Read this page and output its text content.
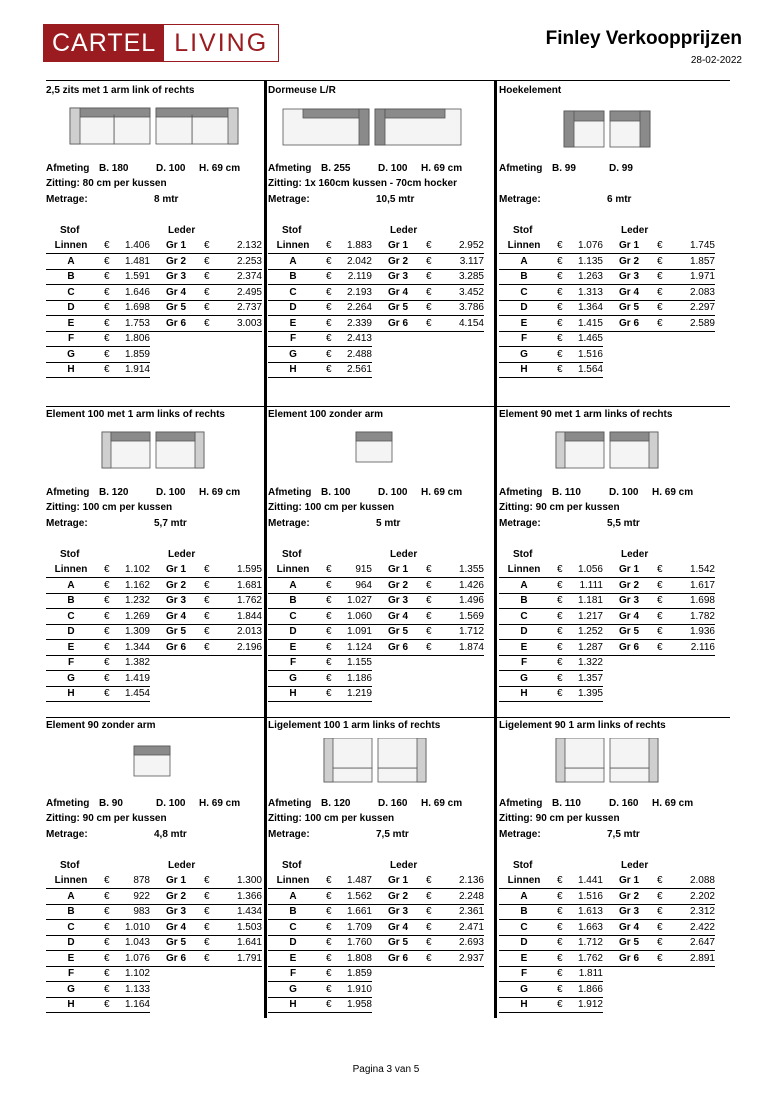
CARTEL LIVING	Finley Verkoopprijzen
28-02-2022
2,5 zits met 1 arm link of rechts
Afmeting B. 180	D. 100 H. 69 cm
Zitting: 80 cm per kussen
Metrage:	8 mtr
Stof	Leder
Linnen	€	1.406 Gr 1 €	2.132
A	€	1.481 Gr 2 €	2.253
B	€	1.591 Gr 3 €	2.374
C	€	1.646 Gr 4 €	2.495
D	€	1.698 Gr 5 €	2.737
E	€	1.753 Gr 6 €	3.003
F	€	1.806
G	€	1.859
H	€	1.914
Dormeuse L/R
Afmeting B. 255	D. 100 H. 69 cm
Zitting: 1x 160cm kussen - 70cm hocker
Metrage:	10,5 mtr
Stof	Leder
Linnen	€	1.883 Gr 1 €	2.952
A	€	2.042 Gr 2 €	3.117
B	€	2.119 Gr 3 €	3.285
C	€	2.193 Gr 4 €	3.452
D	€	2.264 Gr 5 €	3.786
E	€	2.339 Gr 6 €	4.154
F	€	2.413
G	€	2.488
H	€	2.561
Hoekelement
Afmeting B. 99	D. 99
Metrage:	6 mtr
Stof	Leder
Linnen	€	1.076 Gr 1 €	1.745
A	€	1.135 Gr 2 €	1.857
B	€	1.263 Gr 3 €	1.971
C	€	1.313 Gr 4 €	2.083
D	€	1.364 Gr 5 €	2.297
E	€	1.415 Gr 6 €	2.589
F	€	1.465
G	€	1.516
H	€	1.564
Element 100 met 1 arm links of rechts
Afmeting B. 120	D. 100 H. 69 cm
Zitting: 100 cm per kussen
Metrage:	5,7 mtr
Stof	Leder
Linnen	€	1.102 Gr 1 €	1.595
A	€	1.162 Gr 2 €	1.681
B	€	1.232 Gr 3 €	1.762
C	€	1.269 Gr 4 €	1.844
D	€	1.309 Gr 5 €	2.013
E	€	1.344 Gr 6 €	2.196
F	€	1.382
G	€	1.419
H	€	1.454
Element 100 zonder arm
Afmeting B. 100	D. 100 H. 69 cm
Zitting: 100 cm per kussen
Metrage:	5 mtr
Stof	Leder
Linnen	€	915 Gr 1 €	1.355
A	€	964 Gr 2 €	1.426
B	€	1.027 Gr 3 €	1.496
C	€	1.060 Gr 4 €	1.569
D	€	1.091 Gr 5 €	1.712
E	€	1.124 Gr 6 €	1.874
F	€	1.155
G	€	1.186
H	€	1.219
Element 90 met 1 arm links of rechts
Afmeting B. 110	D. 100 H. 69 cm
Zitting: 90 cm per kussen
Metrage:	5,5 mtr
Stof	Leder
Linnen	€	1.056 Gr 1 €	1.542
A	€	1.111 Gr 2 €	1.617
B	€	1.181 Gr 3 €	1.698
C	€	1.217 Gr 4 €	1.782
D	€	1.252 Gr 5 €	1.936
E	€	1.287 Gr 6 €	2.116
F	€	1.322
G	€	1.357
H	€	1.395
Element 90 zonder arm
Afmeting B. 90	D. 100 H. 69 cm
Zitting: 90 cm per kussen
Metrage:	4,8 mtr
Stof	Leder
Linnen	€	878 Gr 1 €	1.300
A	€	922 Gr 2 €	1.366
B	€	983 Gr 3 €	1.434
C	€	1.010 Gr 4 €	1.503
D	€	1.043 Gr 5 €	1.641
E	€	1.076 Gr 6 €	1.791
F	€	1.102
G	€	1.133
H	€	1.164
Ligelement 100 1 arm links of rechts
Afmeting B. 120	D. 160 H. 69 cm
Zitting: 100 cm per kussen
Metrage:	7,5 mtr
Stof	Leder
Linnen	€	1.487 Gr 1 €	2.136
A	€	1.562 Gr 2 €	2.248
B	€	1.661 Gr 3 €	2.361
C	€	1.709 Gr 4 €	2.471
D	€	1.760 Gr 5 €	2.693
E	€	1.808 Gr 6 €	2.937
F	€	1.859
G	€	1.910
H	€	1.958
Ligelement 90 1 arm links of rechts
Afmeting B. 110	D. 160 H. 69 cm
Zitting: 90 cm per kussen
Metrage:	7,5 mtr
Stof	Leder
Linnen	€	1.441 Gr 1 €	2.088
A	€	1.516 Gr 2 €	2.202
B	€	1.613 Gr 3 €	2.312
C	€	1.663 Gr 4 €	2.422
D	€	1.712 Gr 5 €	2.647
E	€	1.762 Gr 6 €	2.891
F	€	1.811
G	€	1.866
H	€	1.912
Pagina 3 van 5
